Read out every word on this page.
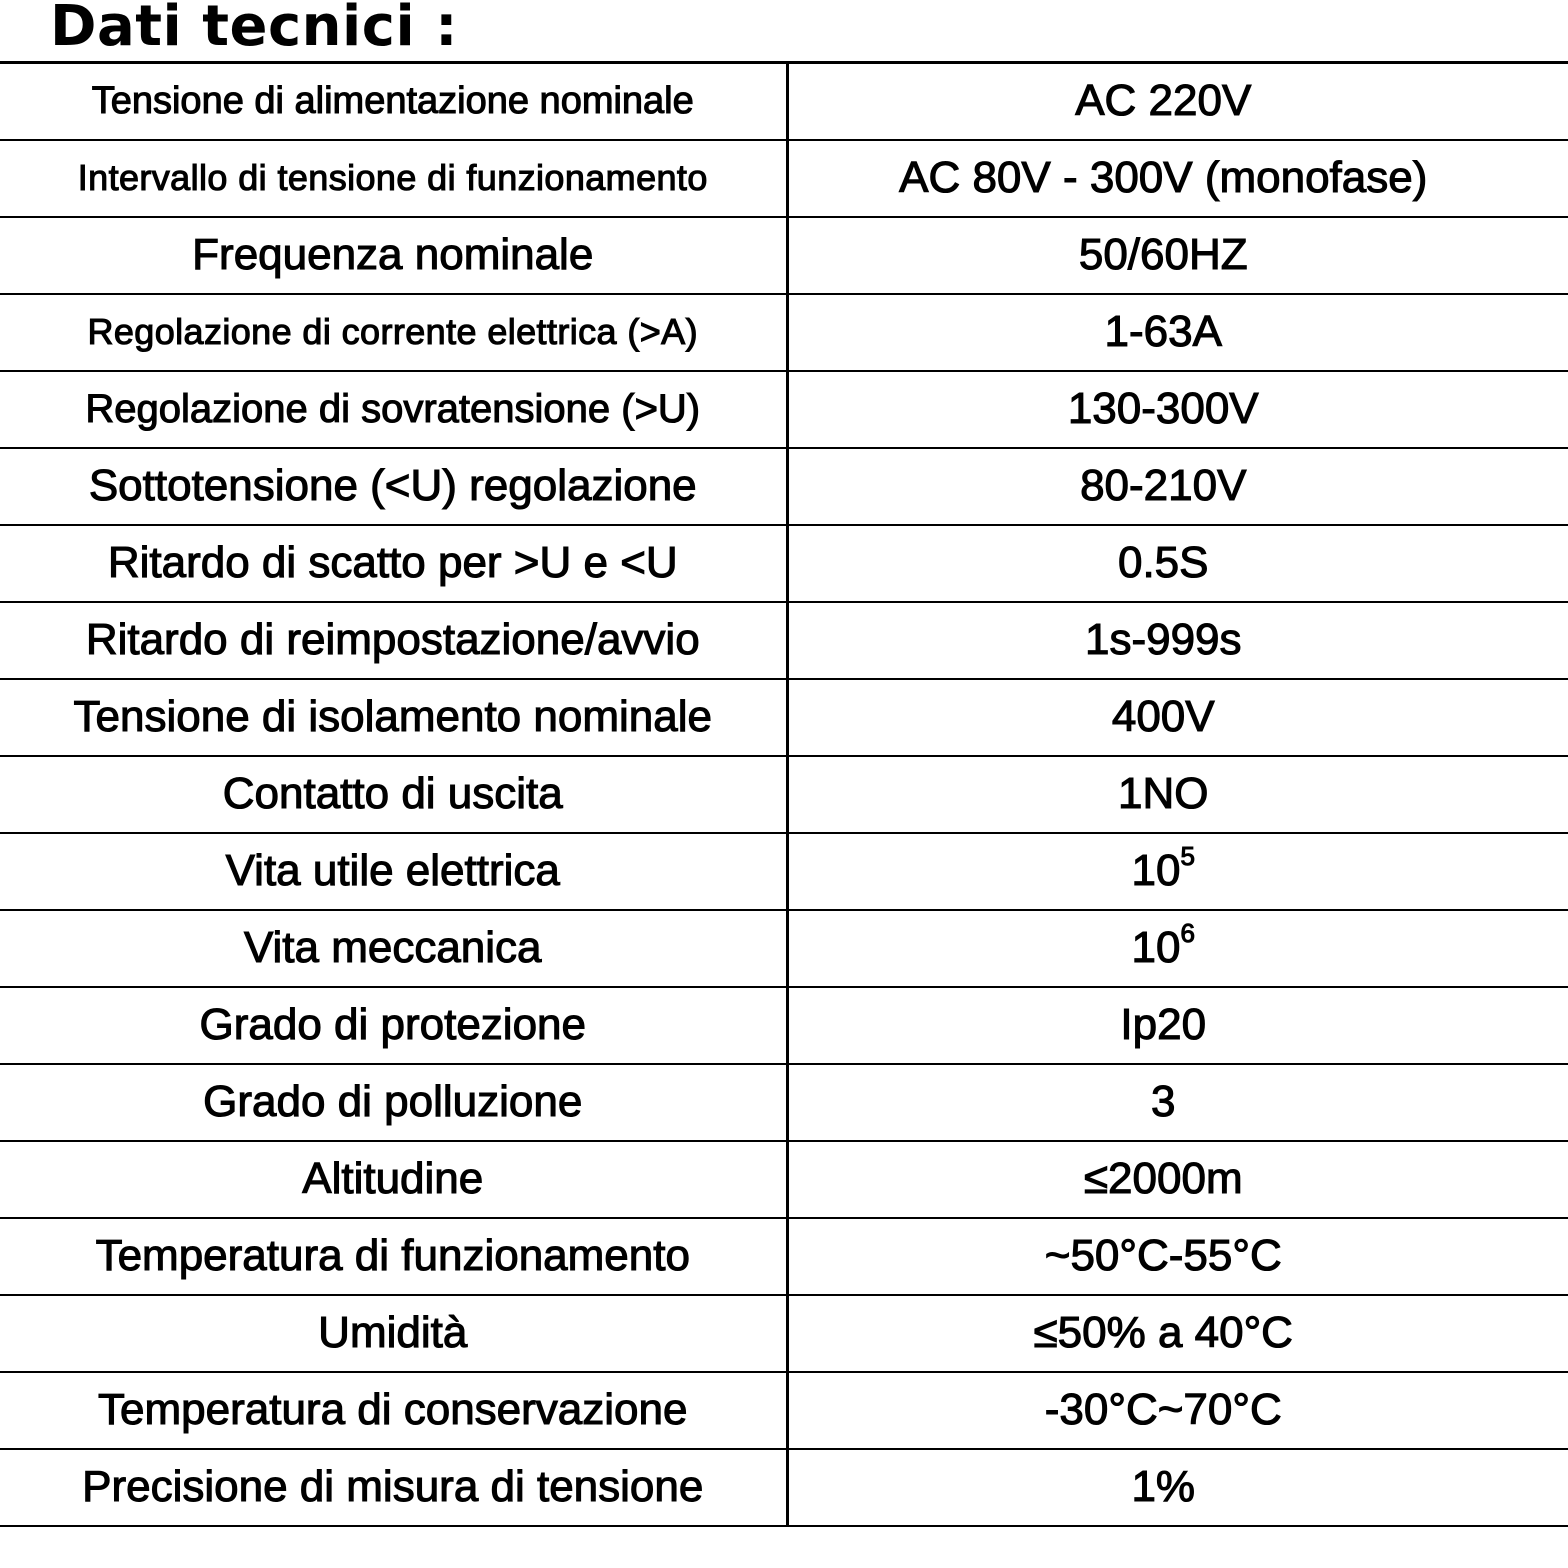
Dati tecnici :
Tensione di alimentazione nominale	AC 220V
Intervallo di tensione di funzionamento	AC 80V - 300V (monofase)
Frequenza nominale	50/60HZ
Regolazione di corrente elettrica (>A)	1-63A
Regolazione di sovratensione (>U)	130-300V
Sottotensione (<U) regolazione	80-210V
Ritardo di scatto per >U e <U	0.5S
Ritardo di reimpostazione/avvio	1s-999s
Tensione di isolamento nominale	400V
Contatto di uscita	1NO
Vita utile elettrica	$10^5$
Vita meccanica	$10^6$
Grado di protezione	Ip20
Grado di polluzione	3
Altitudine	≤2000m
Temperatura di funzionamento	~50°C-55°C
Umidità	≤50% a 40°C
Temperatura di conservazione	-30°C~70°C
Precisione di misura di tensione	1%
